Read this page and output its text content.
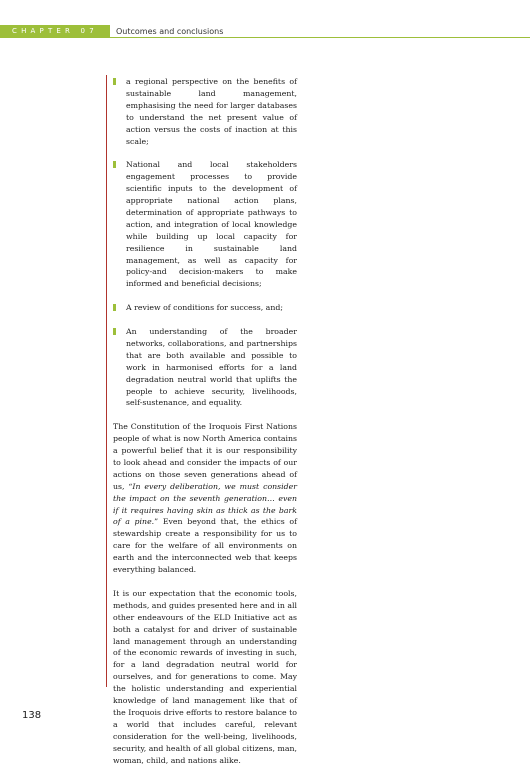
CHAPTER 07	Outcomes and conclusions
a regional perspective on the benefits of sustainable land management, emphasising the need for larger databases to understand the net present value of action versus the costs of inaction at this scale;
National and local stakeholders engagement processes to provide scientific inputs to the development of appropriate national action plans, determination of appropriate pathways to action, and integration of local knowledge while building up local capacity for resilience in sustainable land management, as well as capacity for policy-and decision-makers to make informed and beneficial decisions;
A review of conditions for success, and;
An understanding of the broader networks, collaborations, and partnerships that are both available and possible to work in harmonised efforts for a land degradation neutral world that uplifts the people to achieve security, livelihoods, self-sustenance, and equality.

The Constitution of the Iroquois First Nations people of what is now North America contains a powerful belief that it is our responsibility to look ahead and consider the impacts of our actions on those seven generations ahead of us, “In every deliberation, we must consider the impact on the seventh generation… even if it requires having skin as thick as the bark of a pine.” Even beyond that, the ethics of stewardship create a responsibility for us to care for the welfare of all environments on earth and the interconnected web that keeps everything balanced.

It is our expectation that the economic tools, methods, and guides presented here and in all other endeavours of the ELD Initiative act as both a catalyst for and driver of sustainable land management through an understanding of the economic rewards of investing in such, for a land degradation neutral world for ourselves, and for generations to come. May the holistic understanding and experiential knowledge of land management like that of the Iroquois drive efforts to restore balance to a world that includes careful, relevant consideration for the well-being, livelihoods, security, and health of all global citizens, man, woman, child, and nations alike.

138
